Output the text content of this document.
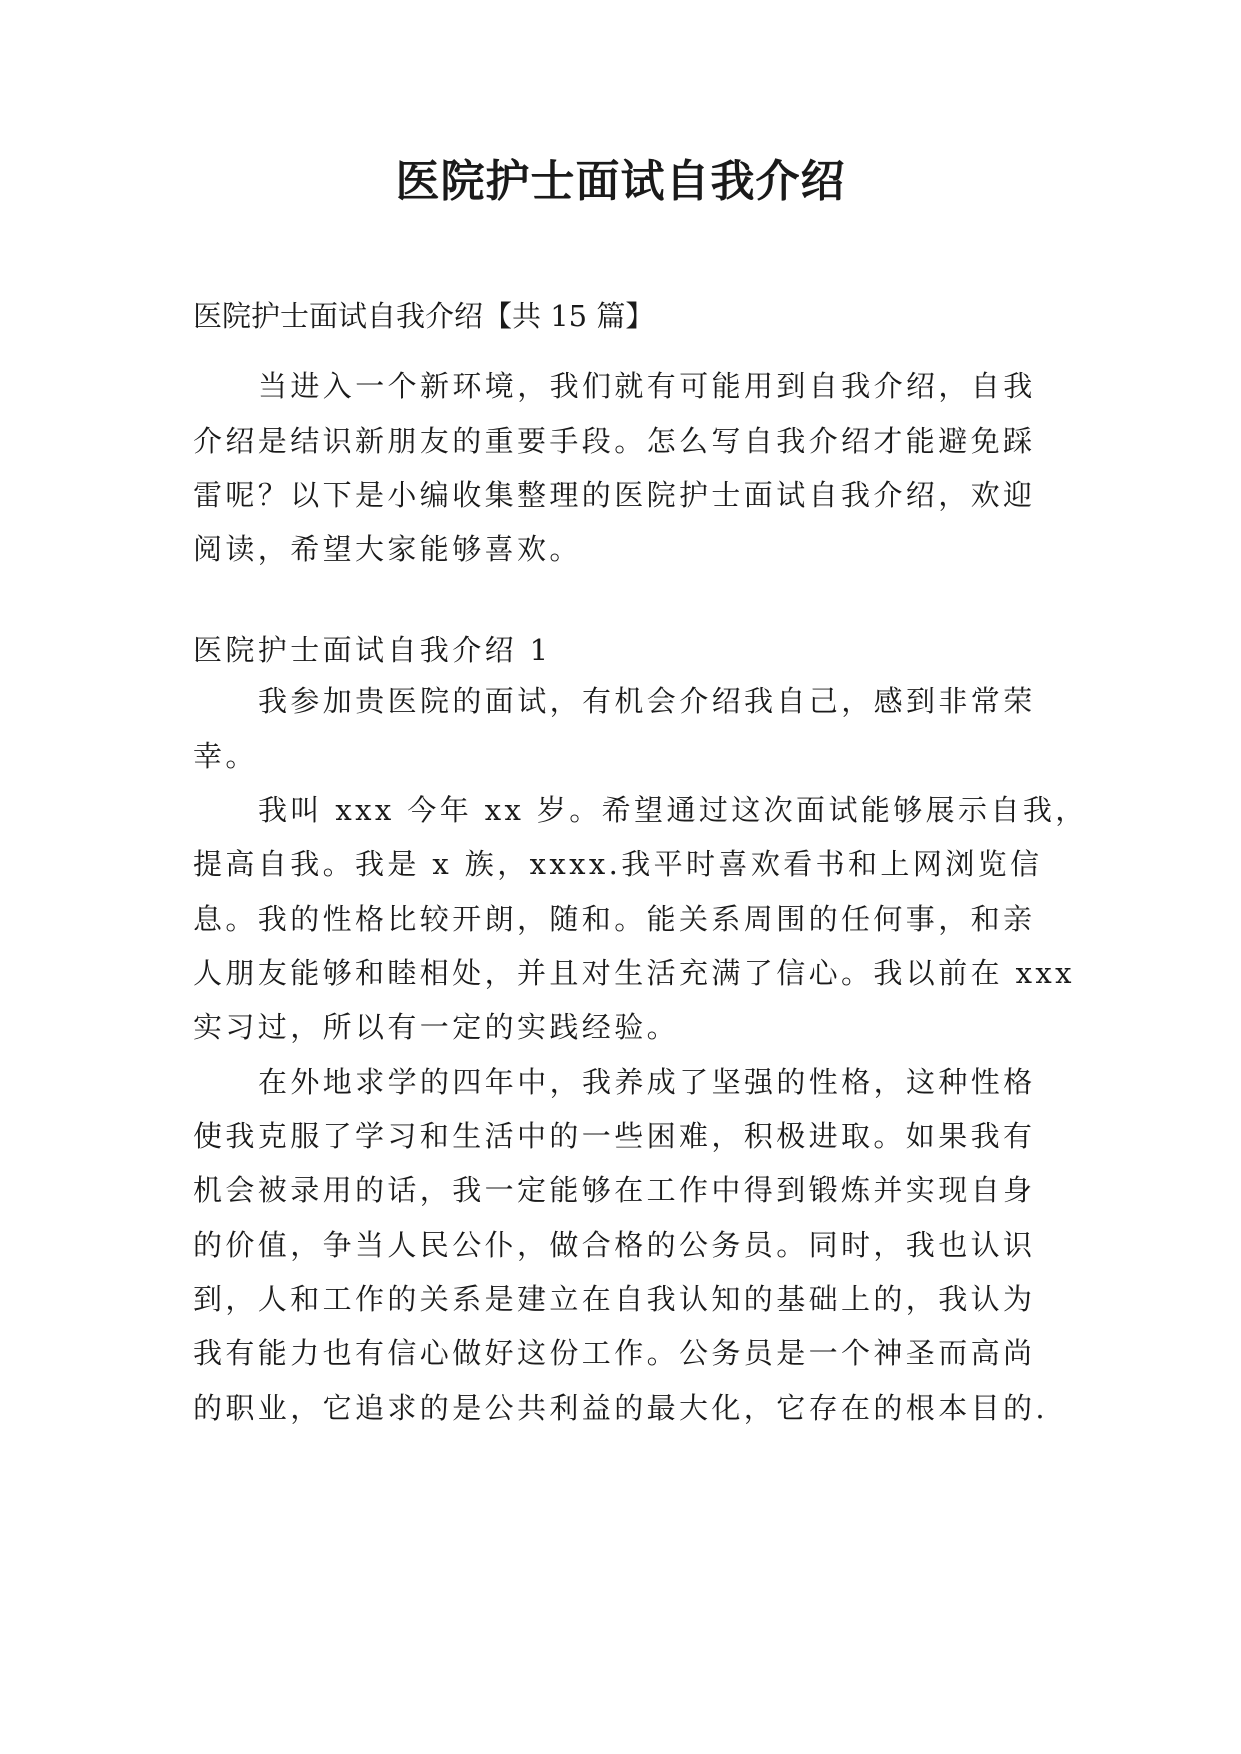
医院护士面试自我介绍
医院护士面试自我介绍【共 15 篇】
当进入一个新环境，我们就有可能用到自我介绍，自我
介绍是结识新朋友的重要手段。怎么写自我介绍才能避免踩
雷呢？以下是小编收集整理的医院护士面试自我介绍，欢迎
阅读，希望大家能够喜欢。
医院护士面试自我介绍 1
我参加贵医院的面试，有机会介绍我自己，感到非常荣
幸。
我叫 xxx 今年 xx 岁。希望通过这次面试能够展示自我，
提高自我。我是 x 族，xxxx.我平时喜欢看书和上网浏览信
息。我的性格比较开朗，随和。能关系周围的任何事，和亲
人朋友能够和睦相处，并且对生活充满了信心。我以前在 xxx
实习过，所以有一定的实践经验。
在外地求学的四年中，我养成了坚强的性格，这种性格
使我克服了学习和生活中的一些困难，积极进取。如果我有
机会被录用的话，我一定能够在工作中得到锻炼并实现自身
的价值，争当人民公仆，做合格的公务员。同时，我也认识
到，人和工作的关系是建立在自我认知的基础上的，我认为
我有能力也有信心做好这份工作。公务员是一个神圣而高尚
的职业，它追求的是公共利益的最大化，它存在的根本目的.
